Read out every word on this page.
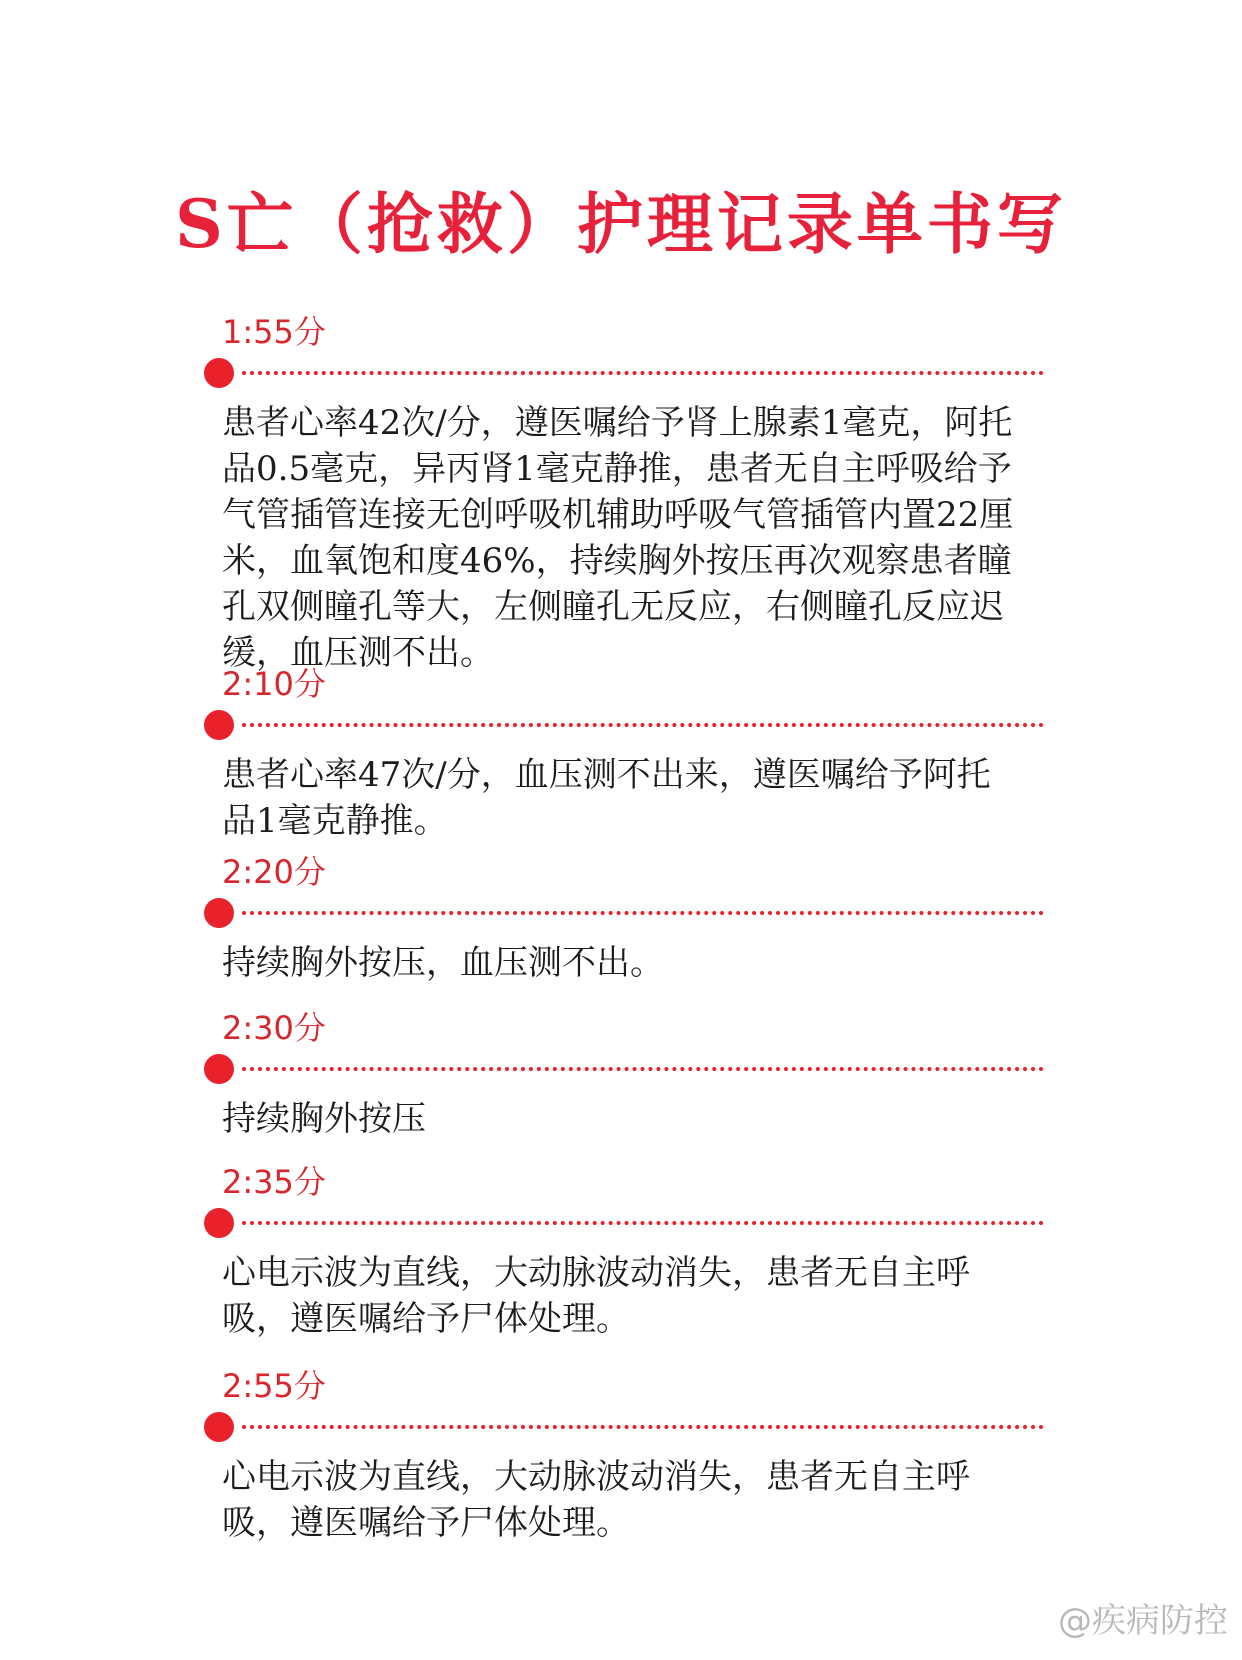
S亡（抢救）护理记录单书写
1:55分

患者心率42次/分，遵医嘱给予肾上腺素1毫克，阿托品0.5毫克，异丙肾1毫克静推，患者无自主呼吸给予气管插管连接无创呼吸机辅助呼吸气管插管内置22厘米，血氧饱和度46%，持续胸外按压再次观察患者瞳孔双侧瞳孔等大，左侧瞳孔无反应，右侧瞳孔反应迟缓，血压测不出。

2:10分

患者心率47次/分，血压测不出来，遵医嘱给予阿托品1毫克静推。

2:20分

持续胸外按压，血压测不出。

2:30分

持续胸外按压

2:35分

心电示波为直线，大动脉波动消失，患者无自主呼吸，遵医嘱给予尸体处理。

2:55分

心电示波为直线，大动脉波动消失，患者无自主呼吸，遵医嘱给予尸体处理。

@疾病防控
